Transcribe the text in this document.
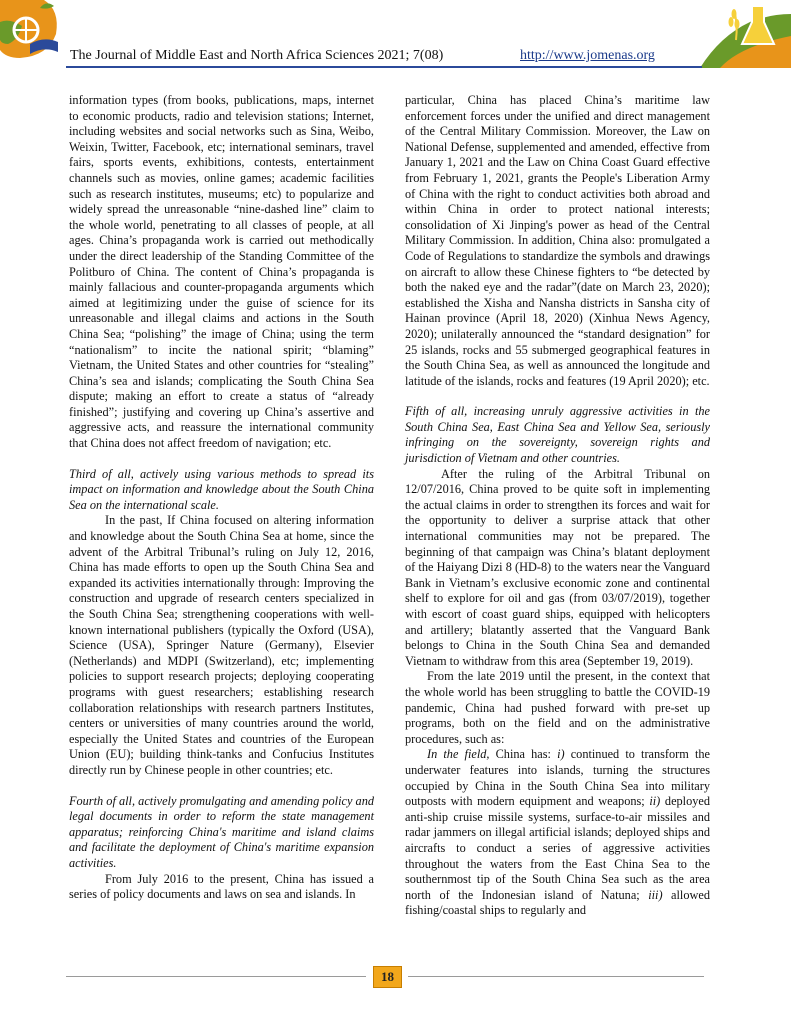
The Journal of Middle East and North Africa Sciences 2021; 7(08)	http://www.jomenas.org

information types (from books, publications, maps, internet to economic products, radio and television stations; Internet, including websites and social networks such as Sina, Weibo, Weixin, Twitter, Facebook, etc; international seminars, travel fairs, sports events, exhibitions, contests, entertainment channels such as movies, online games; academic facilities such as research institutes, museums; etc) to popularize and widely spread the unreasonable “nine-dashed line” claim to the whole world, penetrating to all classes of people, at all ages. China’s propaganda work is carried out methodically under the direct leadership of the Standing Committee of the Politburo of China. The content of China’s propaganda is mainly fallacious and counter-propaganda arguments which aimed at legitimizing under the guise of science for its unreasonable and illegal claims and actions in the South China Sea; “polishing” the image of China; using the term “nationalism” to incite the national spirit; “blaming” Vietnam, the United States and other countries for “stealing” China’s sea and islands; complicating the South China Sea dispute; making an effort to create a status of “already finished”; justifying and covering up China’s assertive and aggressive acts, and reassure the international community that China does not affect freedom of navigation; etc.

Third of all, actively using various methods to spread its impact on information and knowledge about the South China Sea on the international scale.

In the past, If China focused on altering information and knowledge about the South China Sea at home, since the advent of the Arbitral Tribunal’s ruling on July 12, 2016, China has made efforts to open up the South China Sea and expanded its activities internationally through: Improving the construction and upgrade of research centers specialized in the South China Sea; strengthening cooperations with well-known international publishers (typically the Oxford (USA), Science (USA), Springer Nature (Germany), Elsevier (Netherlands) and MDPI (Switzerland), etc; implementing policies to support research projects; deploying cooperating programs with guest researchers; establishing research collaboration relationships with research partners Institutes, centers or universities of many countries around the world, especially the United States and countries of the European Union (EU); building think-tanks and Confucius Institutes directly run by Chinese people in other countries; etc.

Fourth of all, actively promulgating and amending policy and legal documents in order to reform the state management apparatus; reinforcing China's maritime and island claims and facilitate the deployment of China's maritime expansion activities.

From July 2016 to the present, China has issued a series of policy documents and laws on sea and islands. In

particular, China has placed China’s maritime law enforcement forces under the unified and direct management of the Central Military Commission. Moreover, the Law on National Defense, supplemented and amended, effective from January 1, 2021 and the Law on China Coast Guard effective from February 1, 2021, grants the People's Liberation Army of China with the right to conduct activities both abroad and within China in order to protect national interests; consolidation of Xi Jinping's power as head of the Central Military Commission. In addition, China also: promulgated a Code of Regulations to standardize the symbols and drawings on aircraft to allow these Chinese fighters to “be detected by both the naked eye and the radar”(date on March 23, 2020); established the Xisha and Nansha districts in Sansha city of Hainan province (April 18, 2020) (Xinhua News Agency, 2020); unilaterally announced the “standard designation” for 25 islands, rocks and 55 submerged geographical features in the South China Sea, as well as announced the longitude and latitude of the islands, rocks and features (19 April 2020); etc.

Fifth of all, increasing unruly aggressive activities in the South China Sea, East China Sea and Yellow Sea, seriously infringing on the sovereignty, sovereign rights and jurisdiction of Vietnam and other countries.

After the ruling of the Arbitral Tribunal on 12/07/2016, China proved to be quite soft in implementing the actual claims in order to strengthen its forces and wait for the opportunity to deliver a surprise attack that other international communities may not be prepared. The beginning of that campaign was China’s blatant deployment of the Haiyang Dizi 8 (HD-8) to the waters near the Vanguard Bank in Vietnam’s exclusive economic zone and continental shelf to explore for oil and gas (from 03/07/2019), together with escort of coast guard ships, equipped with helicopters and artillery; blatantly asserted that the Vanguard Bank belongs to China in the South China Sea and demanded Vietnam to withdraw from this area (September 19, 2019).

From the late 2019 until the present, in the context that the whole world has been struggling to battle the COVID-19 pandemic, China had pushed forward with pre-set up programs, both on the field and on the administrative procedures, such as:

In the field, China has: i) continued to transform the underwater features into islands, turning the structures occupied by China in the South China Sea into military outposts with modern equipment and weapons; ii) deployed anti-ship cruise missile systems, surface-to-air missiles and radar jammers on illegal artificial islands; deployed ships and aircrafts to conduct a series of aggressive activities throughout the waters from the East China Sea to the southernmost tip of the South China Sea such as the area north of the Indonesian island of Natuna; iii) allowed fishing/coastal ships to regularly and

18
